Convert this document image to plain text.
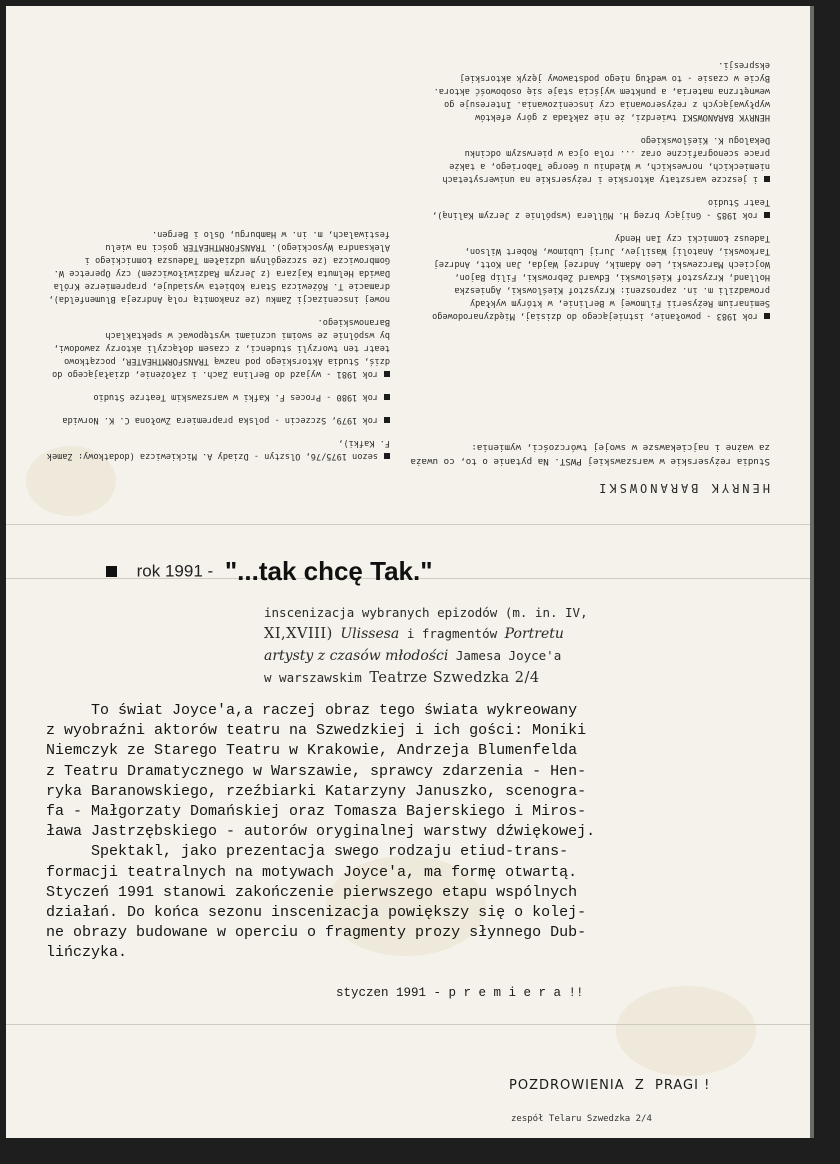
HENRYK BARANOWSKI
Studia reżyserskie w warszawskiej PWST. Na pytanie o to, co uważa za ważne i najciekawsze w swojej twórczości, wymienia:
sezon 1975/76, Olsztyn - Dziady A. Mickiewicza (dodatkowy: Zamek F. Kafki),
rok 1979, Szczecin - polska prapremiera Zwołona C. K. Norwida
rok 1980 - Proces F. Kafki w warszawskim Teatrze Studio
rok 1981 - wyjazd do Berlina Zach. i założenie, działającego do dziś, Studia Aktorskiego pod nazwą TRANSFORMTHEATER, początkowo teatr ten tworzyli studenci, z czasem dołączyli aktorzy zawodowi, by wspólnie ze swoimi uczniami występować w spektaklach Baranowskiego.
nowej inscenizacji Zamku (ze znakomitą rolą Andrzeja Blumenfelda), dramacie T. Różewicza Stara kobieta wysiaduje, prapremierze Króla Dawida Helmuta Kajzara (z Jerzym Radziwiłowiczem) czy Operetce W. Gombrowicza (ze szczególnym udziałem Tadeusza Łomnickiego i Aleksandra Wysockiego). TRANSFORMTHEATER gości na wielu festiwalach, m. in. w Hamburgu, Oslo i Bergen.
rok 1983 - powołanie, istniejącego do dzisiaj, Międzynarodowego Seminarium Reżyserii Filmowej w Berlinie, w którym wykłady prowadzili m. in. zaproszeni: Krzysztof Kieślowski, Agnieszka Holland, Krzysztof Kieślowski, Edward Żebrowski, Filip Bajon, Wojciech Marczewski, Leo Adamik, Andrzej Wajda, Jan Kott, Andrzej Tarkowski, Anatolij Wasiljev, Jurij Lubimow, Robert Wilson, Tadeusz Łomnicki czy Ian Hendy
rok 1985 - Gnijący brzeg H. Müllera (wspólnie z Jerzym Kaliną), Teatr Studio
i jeszcze warsztaty aktorskie i reżyserskie na uniwersytetach niemieckich, norweskich, w Wiedniu u George Taboriego, a także prace scenograficzne oraz ... rola ojca w pierwszym odcinku Dekalogu K. Kieślowskiego
HENRYK BARANOWSKI twierdzi, że nie zakłada z góry efektów wypływających z reżyserowania czy inscenizowania. Interesuje go wewnętrzna materia, a punktem wyjścia staje się osobowość aktora. Bycie w czasie - to według niego podstawowy język aktorskiej ekspresji.
rok 1991 - "...tak chcę Tak."
inscenizacja wybranych epizodów (m. in. IV,
XI,XVIII) Ulissesa i fragmentów Portretu
artysty z czasów młodości Jamesa Joyce'a
w warszawskim Teatrze Szwedzka 2/4

To świat Joyce'a,a raczej obraz tego świata wykreowany

z wyobraźni aktorów teatru na Szwedzkiej i ich gości: Moniki

Niemczyk ze Starego Teatru w Krakowie, Andrzeja Blumenfelda

z Teatru Dramatycznego w Warszawie, sprawcy zdarzenia - Hen-

ryka Baranowskiego, rzeźbiarki Katarzyny Januszko, scenogra-

fa - Małgorzaty Domańskiej oraz Tomasza Bajerskiego i Miros-

ława Jastrzębskiego - autorów oryginalnej warstwy dźwiękowej.

Spektakl, jako prezentacja swego rodzaju etiud-trans-

formacji teatralnych na motywach Joyce'a, ma formę otwartą.

Styczeń 1991 stanowi zakończenie pierwszego etapu wspólnych

działań. Do końca sezonu inscenizacja powiększy się o kolej-

ne obrazy budowane w operciu o fragmenty prozy słynnego Dub-

lińczyka.

styczen 1991 - p r e m i e r a !!
POZDROWIENIA  Z  PRAGI !
zespół Telaru Szwedzka 2/4
